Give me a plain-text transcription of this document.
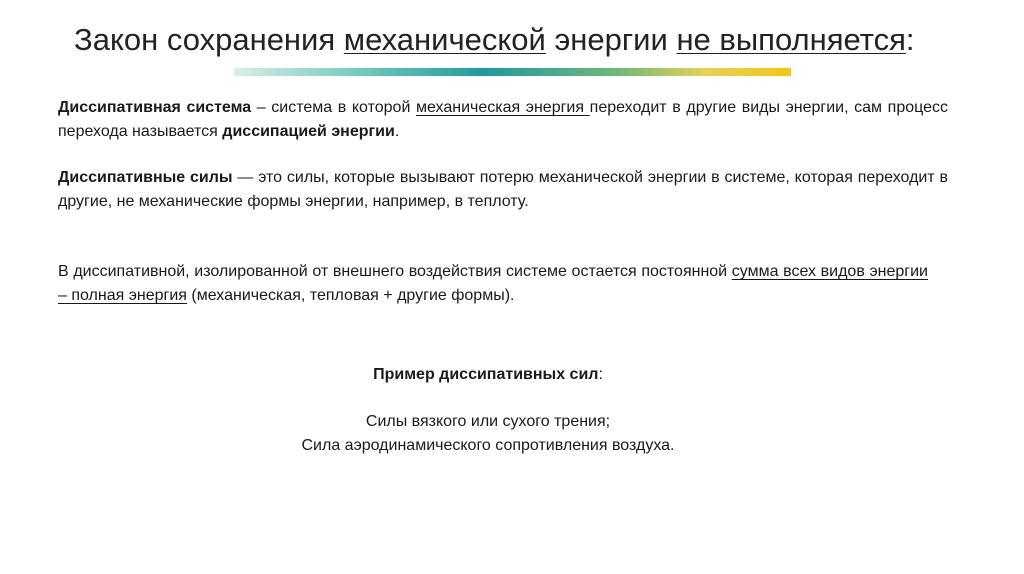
Закон сохранения механической энергии не выполняется:
Диссипативная система – система в которой механическая энергия переходит в другие виды энергии, сам процесс перехода называется диссипацией энергии.
Диссипативные силы — это силы, которые вызывают потерю механической энергии в системе, которая переходит в другие, не механические формы энергии, например, в теплоту.
В диссипативной, изолированной от внешнего воздействия системе остается постоянной сумма всех видов энергии – полная энергия (механическая, тепловая + другие формы).
Пример диссипативных сил:
Силы вязкого или сухого трения;
Сила аэродинамического сопротивления воздуха.
